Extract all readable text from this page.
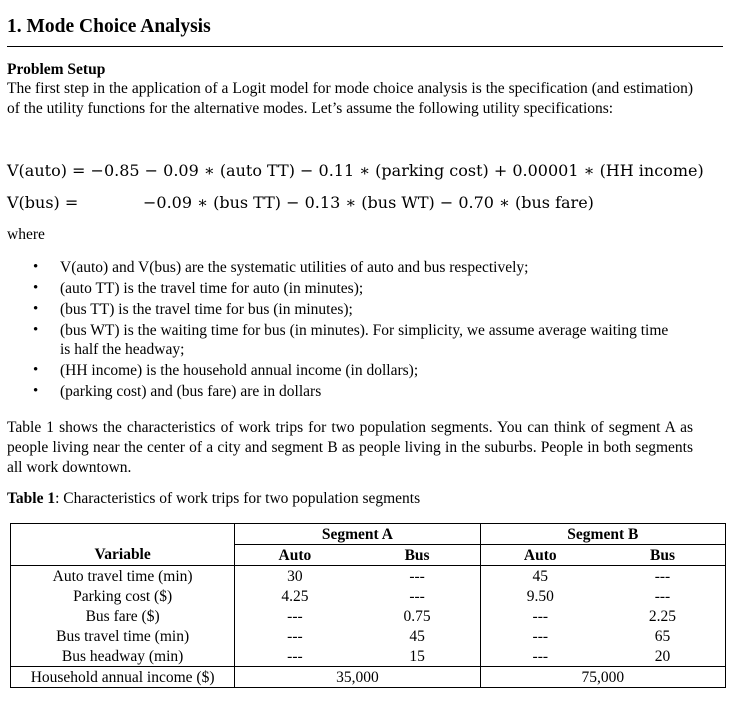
1. Mode Choice Analysis
Problem Setup
The first step in the application of a Logit model for mode choice analysis is the specification (and estimation) of the utility functions for the alternative modes. Let’s assume the following utility specifications:
V(auto) = −0.85 − 0.09 ∗ (auto TT) − 0.11 ∗ (parking cost) + 0.00001 ∗ (HH income)
V(bus) =	−0.09 ∗ (bus TT) − 0.13 ∗ (bus WT) − 0.70 ∗ (bus fare)
where
• V(auto) and V(bus) are the systematic utilities of auto and bus respectively;
• (auto TT) is the travel time for auto (in minutes);
• (bus TT) is the travel time for bus (in minutes);
• (bus WT) is the waiting time for bus (in minutes). For simplicity, we assume average waiting time is half the headway;
• (HH income) is the household annual income (in dollars);
• (parking cost) and (bus fare) are in dollars
Table 1 shows the characteristics of work trips for two population segments. You can think of segment A as people living near the center of a city and segment B as people living in the suburbs. People in both segments all work downtown.
Table 1: Characteristics of work trips for two population segments
	Segment A		Segment B	
Variable	Auto	Bus	Auto	Bus
Auto travel time (min)	30	---	45	---
Parking cost ($)	4.25	---	9.50	---
Bus fare ($)	---	0.75	---	2.25
Bus travel time (min)	---	45	---	65
Bus headway (min)	---	15	---	20
Household annual income ($)	35,000		75,000	
